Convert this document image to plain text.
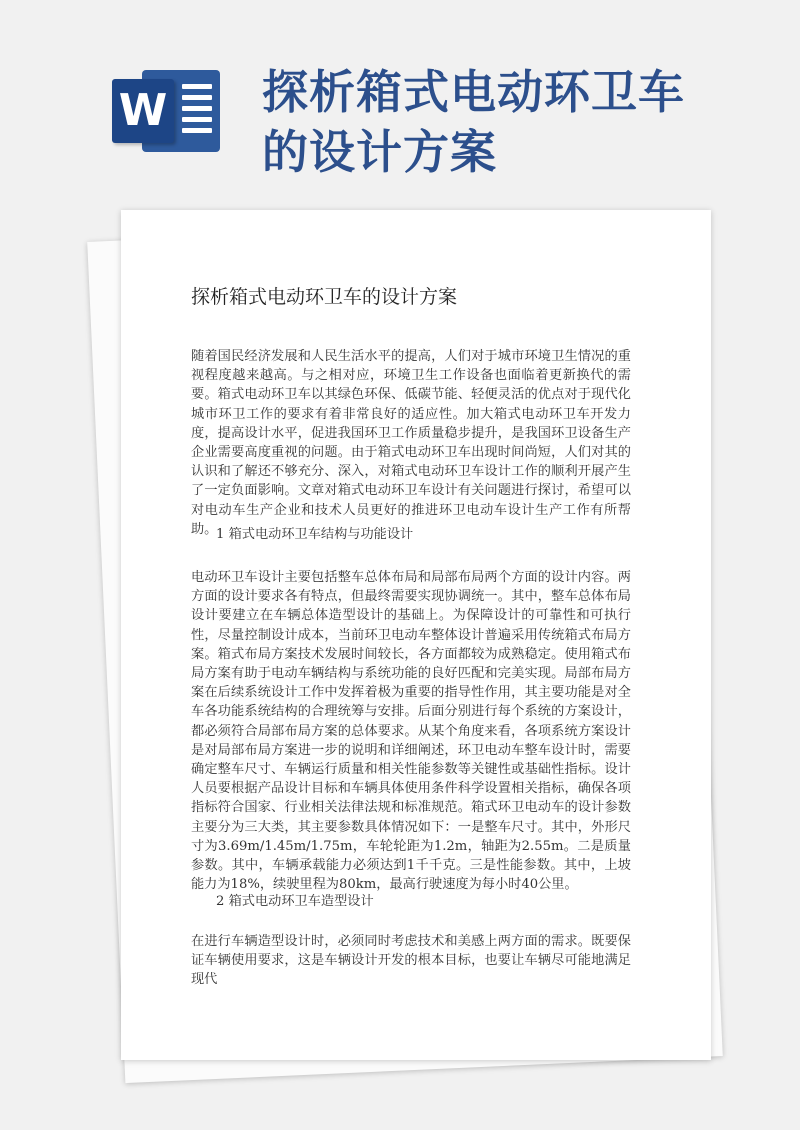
W 探析箱式电动环卫车的设计方案
探析箱式电动环卫车的设计方案

随着国民经济发展和人民生活水平的提高，人们对于城市环境卫生情况的重视程度越来越高。与之相对应，环境卫生工作设备也面临着更新换代的需要。箱式电动环卫车以其绿色环保、低碳节能、轻便灵活的优点对于现代化城市环卫工作的要求有着非常良好的适应性。加大箱式电动环卫车开发力度，提高设计水平，促进我国环卫工作质量稳步提升，是我国环卫设备生产企业需要高度重视的问题。由于箱式电动环卫车出现时间尚短，人们对其的认识和了解还不够充分、深入，对箱式电动环卫车设计工作的顺利开展产生了一定负面影响。文章对箱式电动环卫车设计有关问题进行探讨，希望可以对电动车生产企业和技术人员更好的推进环卫电动车设计生产工作有所帮助。

1 箱式电动环卫车结构与功能设计

电动环卫车设计主要包括整车总体布局和局部布局两个方面的设计内容。两方面的设计要求各有特点，但最终需要实现协调统一。其中，整车总体布局设计要建立在车辆总体造型设计的基础上。为保障设计的可靠性和可执行性，尽量控制设计成本，当前环卫电动车整体设计普遍采用传统箱式布局方案。箱式布局方案技术发展时间较长，各方面都较为成熟稳定。使用箱式布局方案有助于电动车辆结构与系统功能的良好匹配和完美实现。局部布局方案在后续系统设计工作中发挥着极为重要的指导性作用，其主要功能是对全车各功能系统结构的合理统筹与安排。后面分别进行每个系统的方案设计，都必须符合局部布局方案的总体要求。从某个角度来看，各项系统方案设计是对局部布局方案进一步的说明和详细阐述，环卫电动车整车设计时，需要确定整车尺寸、车辆运行质量和相关性能参数等关键性或基础性指标。设计人员要根据产品设计目标和车辆具体使用条件科学设置相关指标，确保各项指标符合国家、行业相关法律法规和标准规范。箱式环卫电动车的设计参数主要分为三大类，其主要参数具体情况如下：一是整车尺寸。其中，外形尺寸为3.69m/1.45m/1.75m，车轮轮距为1.2m，轴距为2.55m。二是质量参数。其中，车辆承载能力必须达到1千千克。三是性能参数。其中，上坡能力为18%，续驶里程为80km，最高行驶速度为每小时40公里。

2 箱式电动环卫车造型设计

在进行车辆造型设计时，必须同时考虑技术和美感上两方面的需求。既要保证车辆使用要求，这是车辆设计开发的根本目标，也要让车辆尽可能地满足现代
